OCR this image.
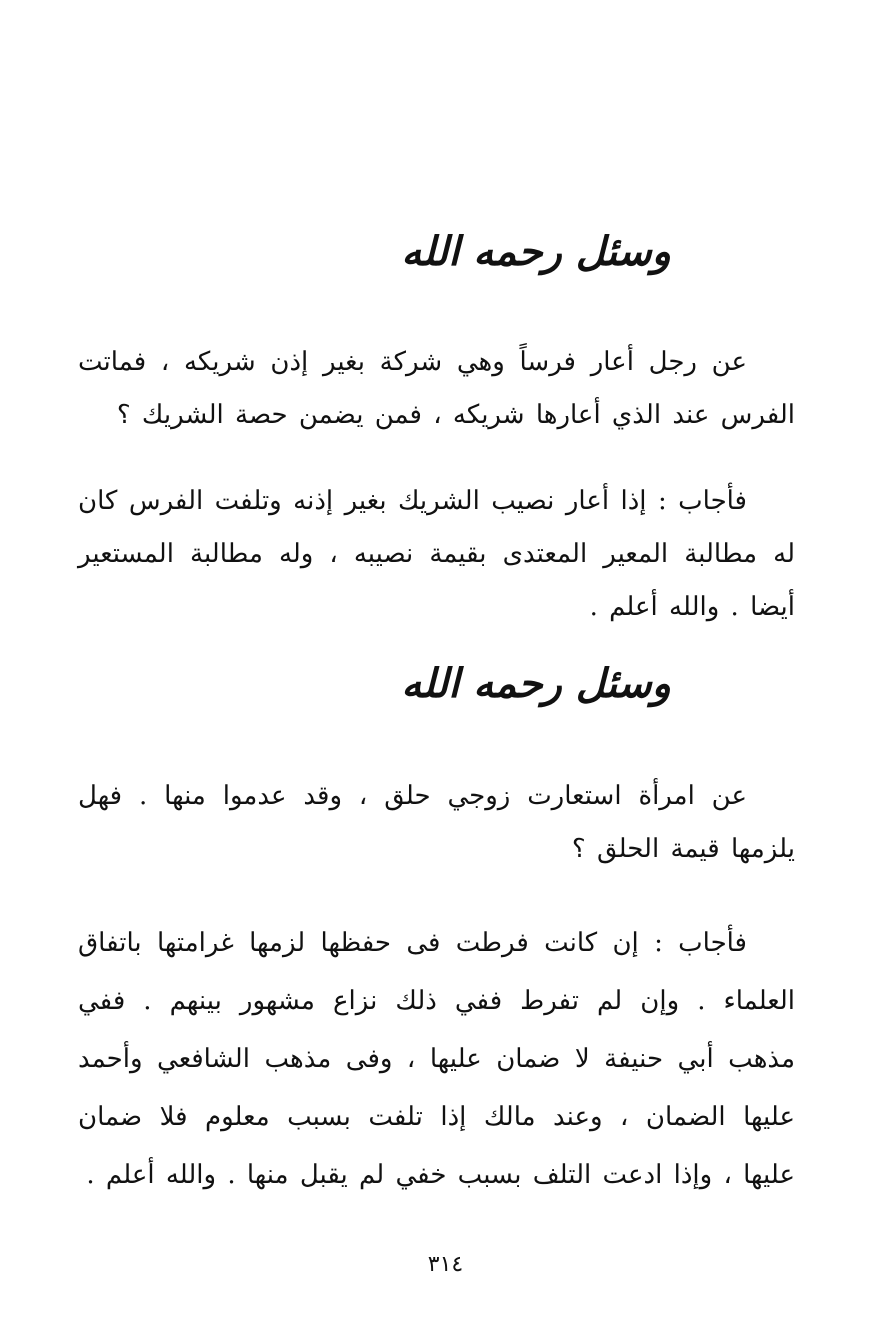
وسئل رحمه الله

عن رجل أعار فرساً وهي شركة بغير إذن شريكه ، فماتت الفرس عند الذي أعارها شريكه ، فمن يضمن حصة الشريك ؟

فأجاب : إذا أعار نصيب الشريك بغير إذنه وتلفت الفرس كان له مطالبة المعير المعتدى بقيمة نصيبه ، وله مطالبة المستعير أيضا . والله أعلم .

وسئل رحمه الله

عن امرأة استعارت زوجي حلق ، وقد عدموا منها . فهل يلزمها قيمة الحلق ؟

فأجاب : إن كانت فرطت فى حفظها لزمها غرامتها باتفاق العلماء . وإن لم تفرط ففي ذلك نزاع مشهور بينهم . ففي مذهب أبي حنيفة لا ضمان عليها ، وفى مذهب الشافعي وأحمد عليها الضمان ، وعند مالك إذا تلفت بسبب معلوم فلا ضمان عليها ، وإذا ادعت التلف بسبب خفي لم يقبل منها . والله أعلم .

٣١٤
